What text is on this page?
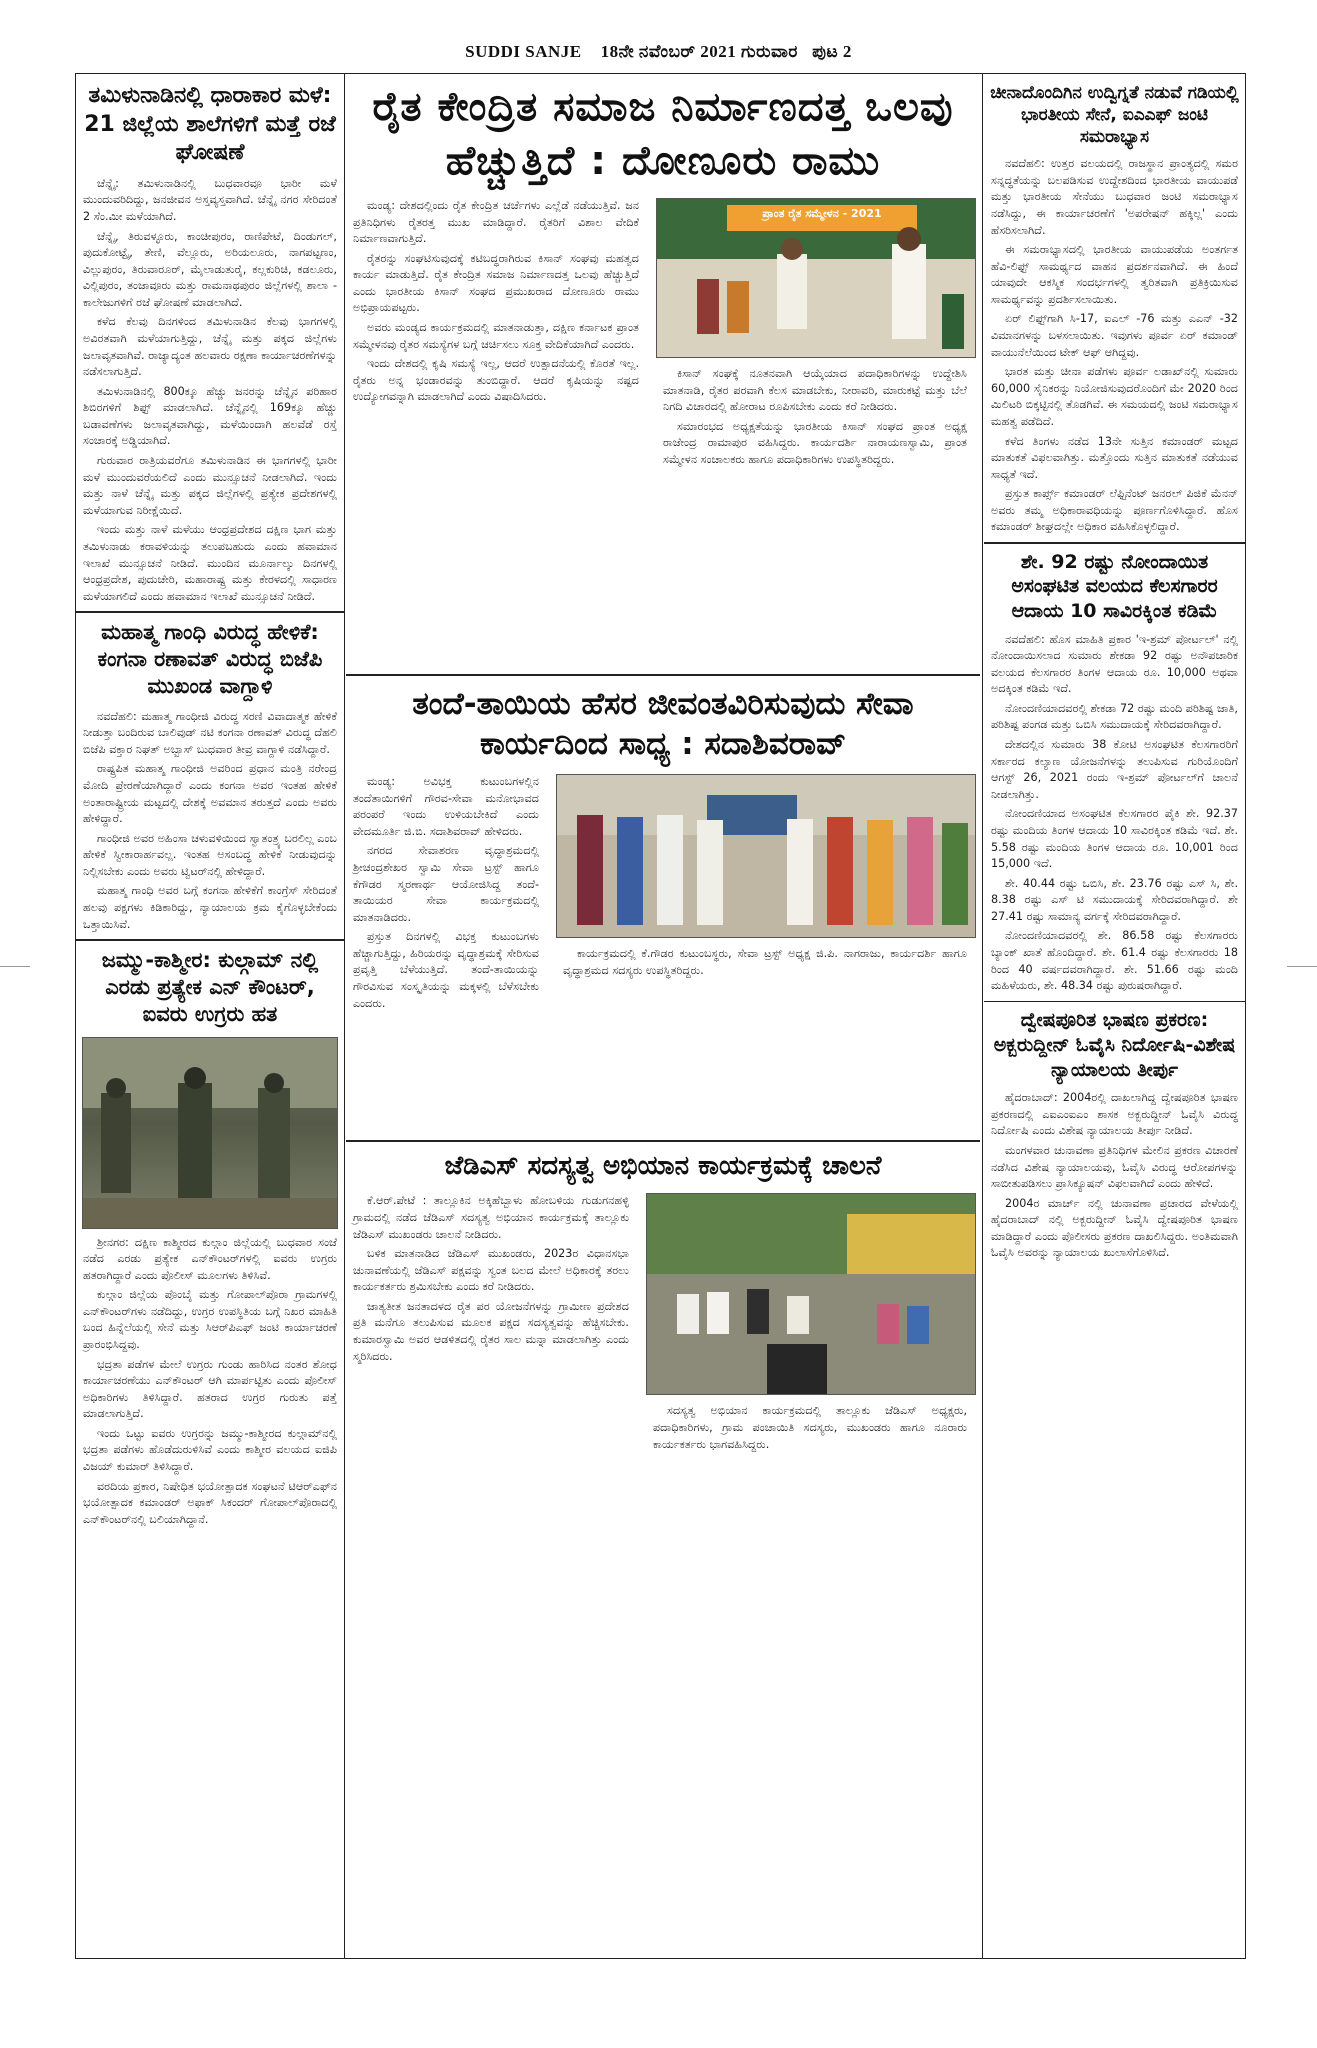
SUDDI SANJE 18ನೇ ನವೆಂಬರ್ 2021 ಗುರುವಾರ ಪುಟ 2
ತಮಿಳುನಾಡಿನಲ್ಲಿ ಧಾರಾಕಾರ ಮಳೆ: 21 ಜಿಲ್ಲೆಯ ಶಾಲೆಗಳಿಗೆ ಮತ್ತೆ ರಜೆ ಘೋಷಣೆ

ಚೆನ್ನೈ: ತಮಿಳುನಾಡಿನಲ್ಲಿ ಬುಧವಾರವೂ ಭಾರೀ ಮಳೆ ಮುಂದುವರಿದಿದ್ದು, ಜನಜೀವನ ಅಸ್ತವ್ಯಸ್ತವಾಗಿದೆ. ಚೆನ್ನೈ ನಗರ ಸೇರಿದಂತೆ 2 ಸೆಂ.ಮೀ ಮಳೆಯಾಗಿದೆ.

ಚೆನ್ನೈ, ತಿರುವಳ್ಳೂರು, ಕಾಂಚೀಪುರಂ, ರಾಣಿಪೇಟೆ, ದಿಂಡುಗಲ್, ಪುದುಕೋಟ್ಟೈ, ತೇಣಿ, ವೆಲ್ಲೂರು, ಅರಿಯಲೂರು, ನಾಗಪಟ್ಟಣಂ, ವಿಲ್ಲುಪುರಂ, ತಿರುವಾರೂರ್, ಮೈಲಾಡುತುರೈ, ಕಲ್ಲಕುರಿಚಿ, ಕಡಲೂರು, ವಿಲ್ಲಿಪುರಂ, ತಂಜಾವೂರು ಮತ್ತು ರಾಮನಾಥಪುರಂ ಜಿಲ್ಲೆಗಳಲ್ಲಿ ಶಾಲಾ - ಕಾಲೇಜುಗಳಿಗೆ ರಜೆ ಘೋಷಣೆ ಮಾಡಲಾಗಿದೆ.

ಕಳೆದ ಕೆಲವು ದಿನಗಳಿಂದ ತಮಿಳುನಾಡಿನ ಕೆಲವು ಭಾಗಗಳಲ್ಲಿ ಅವಿರತವಾಗಿ ಮಳೆಯಾಗುತ್ತಿದ್ದು, ಚೆನ್ನೈ ಮತ್ತು ಪಕ್ಕದ ಜಿಲ್ಲೆಗಳು ಜಲಾವೃತವಾಗಿವೆ. ರಾಜ್ಯಾದ್ಯಂತ ಹಲವಾರು ರಕ್ಷಣಾ ಕಾರ್ಯಾಚರಣೆಗಳನ್ನು ನಡೆಸಲಾಗುತ್ತಿದೆ.

ತಮಿಳುನಾಡಿನಲ್ಲಿ 800ಕ್ಕೂ ಹೆಚ್ಚು ಜನರನ್ನು ಚೆನ್ನೈನ ಪರಿಹಾರ ಶಿಬಿರಗಳಿಗೆ ಶಿಫ್ಟ್ ಮಾಡಲಾಗಿದೆ. ಚೆನ್ನೈನಲ್ಲಿ 169ಕ್ಕೂ ಹೆಚ್ಚು ಬಡಾವಣೆಗಳು ಜಲಾವೃತವಾಗಿದ್ದು, ಮಳೆಯಿಂದಾಗಿ ಹಲವೆಡೆ ರಸ್ತೆ ಸಂಚಾರಕ್ಕೆ ಅಡ್ಡಿಯಾಗಿದೆ.

ಗುರುವಾರ ರಾತ್ರಿಯವರೆಗೂ ತಮಿಳುನಾಡಿನ ಈ ಭಾಗಗಳಲ್ಲಿ ಭಾರೀ ಮಳೆ ಮುಂದುವರೆಯಲಿದೆ ಎಂದು ಮುನ್ಸೂಚನೆ ನೀಡಲಾಗಿದೆ. ಇಂದು ಮತ್ತು ನಾಳೆ ಚೆನ್ನೈ ಮತ್ತು ಪಕ್ಕದ ಜಿಲ್ಲೆಗಳಲ್ಲಿ ಪ್ರತ್ಯೇಕ ಪ್ರದೇಶಗಳಲ್ಲಿ ಮಳೆಯಾಗುವ ನಿರೀಕ್ಷೆಯಿದೆ.

ಇಂದು ಮತ್ತು ನಾಳೆ ಮಳೆಯು ಆಂಧ್ರಪ್ರದೇಶದ ದಕ್ಷಿಣ ಭಾಗ ಮತ್ತು ತಮಿಳುನಾಡು ಕರಾವಳಿಯನ್ನು ತಲುಪಬಹುದು ಎಂದು ಹವಾಮಾನ ಇಲಾಖೆ ಮುನ್ಸೂಚನೆ ನೀಡಿದೆ. ಮುಂದಿನ ಮೂರ್ನಾಲ್ಕು ದಿನಗಳಲ್ಲಿ ಆಂಧ್ರಪ್ರದೇಶ, ಪುದುಚೇರಿ, ಮಹಾರಾಷ್ಟ್ರ ಮತ್ತು ಕೇರಳದಲ್ಲಿ ಸಾಧಾರಣ ಮಳೆಯಾಗಲಿದೆ ಎಂದು ಹವಾಮಾನ ಇಲಾಖೆ ಮುನ್ಸೂಚನೆ ನೀಡಿದೆ.

ಮಹಾತ್ಮ ಗಾಂಧಿ ವಿರುದ್ಧ ಹೇಳಿಕೆ: ಕಂಗನಾ ರಣಾವತ್ ವಿರುದ್ಧ ಬಿಜೆಪಿ ಮುಖಂಡ ವಾಗ್ದಾಳಿ

ನವದೆಹಲಿ: ಮಹಾತ್ಮ ಗಾಂಧೀಜಿ ವಿರುದ್ಧ ಸರಣಿ ವಿವಾದಾತ್ಮಕ ಹೇಳಿಕೆ ನೀಡುತ್ತಾ ಬಂದಿರುವ ಬಾಲಿವುಡ್ ನಟಿ ಕಂಗನಾ ರಣಾವತ್ ವಿರುದ್ಧ ದೆಹಲಿ ಬಿಜೆಪಿ ವಕ್ತಾರ ನಿಘತ್ ಅಬ್ಬಾಸ್ ಬುಧವಾರ ತೀವ್ರ ವಾಗ್ದಾಳಿ ನಡೆಸಿದ್ದಾರೆ.

ರಾಷ್ಟ್ರಪಿತ ಮಹಾತ್ಮ ಗಾಂಧೀಜಿ ಅವರಿಂದ ಪ್ರಧಾನ ಮಂತ್ರಿ ನರೇಂದ್ರ ಮೋದಿ ಪ್ರೇರಣೆಯಾಗಿದ್ದಾರೆ ಎಂದು ಕಂಗನಾ ಅವರ ಇಂತಹ ಹೇಳಿಕೆ ಅಂತಾರಾಷ್ಟ್ರೀಯ ಮಟ್ಟದಲ್ಲಿ ದೇಶಕ್ಕೆ ಅವಮಾನ ತರುತ್ತದೆ ಎಂದು ಅವರು ಹೇಳಿದ್ದಾರೆ.

ಗಾಂಧೀಜಿ ಅವರ ಅಹಿಂಸಾ ಚಳುವಳಿಯಿಂದ ಸ್ವಾತಂತ್ರ್ಯ ಬರಲಿಲ್ಲ ಎಂಬ ಹೇಳಿಕೆ ಸ್ವೀಕಾರಾರ್ಹವಲ್ಲ. ಇಂತಹ ಅಸಂಬದ್ಧ ಹೇಳಿಕೆ ನೀಡುವುದನ್ನು ನಿಲ್ಲಿಸಬೇಕು ಎಂದು ಅವರು ಟ್ವಿಟರ್‌ನಲ್ಲಿ ಹೇಳಿದ್ದಾರೆ.

ಮಹಾತ್ಮ ಗಾಂಧಿ ಅವರ ಬಗ್ಗೆ ಕಂಗನಾ ಹೇಳಿಕೆಗೆ ಕಾಂಗ್ರೆಸ್ ಸೇರಿದಂತೆ ಹಲವು ಪಕ್ಷಗಳು ಕಿಡಿಕಾರಿದ್ದು, ನ್ಯಾಯಾಲಯ ಕ್ರಮ ಕೈಗೊಳ್ಳಬೇಕೆಂದು ಒತ್ತಾಯಿಸಿವೆ.

ಜಮ್ಮು-ಕಾಶ್ಮೀರ: ಕುಲ್ಗಾಮ್ ನಲ್ಲಿ ಎರಡು ಪ್ರತ್ಯೇಕ ಎನ್ ಕೌಂಟರ್, ಐವರು ಉಗ್ರರು ಹತ

ಶ್ರೀನಗರ: ದಕ್ಷಿಣ ಕಾಶ್ಮೀರದ ಕುಲ್ಗಾಂ ಜಿಲ್ಲೆಯಲ್ಲಿ ಬುಧವಾರ ಸಂಜೆ ನಡೆದ ಎರಡು ಪ್ರತ್ಯೇಕ ಎನ್‌ಕೌಂಟರ್‌ಗಳಲ್ಲಿ ಐವರು ಉಗ್ರರು ಹತರಾಗಿದ್ದಾರೆ ಎಂದು ಪೊಲೀಸ್ ಮೂಲಗಳು ತಿಳಿಸಿವೆ.

ಕುಲ್ಗಾಂ ಜಿಲ್ಲೆಯ ಪೊಂಬೈ ಮತ್ತು ಗೋಪಾಲ್‌ಪೊರಾ ಗ್ರಾಮಗಳಲ್ಲಿ ಎನ್‌ಕೌಂಟರ್‌ಗಳು ನಡೆದಿದ್ದು, ಉಗ್ರರ ಉಪಸ್ಥಿತಿಯ ಬಗ್ಗೆ ನಿಖರ ಮಾಹಿತಿ ಬಂದ ಹಿನ್ನೆಲೆಯಲ್ಲಿ ಸೇನೆ ಮತ್ತು ಸಿಆರ್‌ಪಿಎಫ್ ಜಂಟಿ ಕಾರ್ಯಾಚರಣೆ ಪ್ರಾರಂಭಿಸಿದ್ದವು.

ಭದ್ರತಾ ಪಡೆಗಳ ಮೇಲೆ ಉಗ್ರರು ಗುಂಡು ಹಾರಿಸಿದ ನಂತರ ಶೋಧ ಕಾರ್ಯಾಚರಣೆಯು ಎನ್‌ಕೌಂಟರ್ ಆಗಿ ಮಾರ್ಪಟ್ಟಿತು ಎಂದು ಪೊಲೀಸ್ ಅಧಿಕಾರಿಗಳು ತಿಳಿಸಿದ್ದಾರೆ. ಹತರಾದ ಉಗ್ರರ ಗುರುತು ಪತ್ತೆ ಮಾಡಲಾಗುತ್ತಿದೆ.

ಇಂದು ಒಟ್ಟು ಐವರು ಉಗ್ರರನ್ನು ಜಮ್ಮು-ಕಾಶ್ಮೀರದ ಕುಲ್ಗಾಮ್‌ನಲ್ಲಿ ಭದ್ರತಾ ಪಡೆಗಳು ಹೊಡೆದುರುಳಿಸಿವೆ ಎಂದು ಕಾಶ್ಮೀರ ವಲಯದ ಐಜಿಪಿ ವಿಜಯ್ ಕುಮಾರ್ ತಿಳಿಸಿದ್ದಾರೆ.

ವರದಿಯ ಪ್ರಕಾರ, ನಿಷೇಧಿತ ಭಯೋತ್ಪಾದಕ ಸಂಘಟನೆ ಟಿಆರ್‌ಎಫ್‌ನ ಭಯೋತ್ಪಾದಕ ಕಮಾಂಡರ್ ಅಫಾಕ್ ಸಿಕಂದರ್ ಗೋಪಾಲ್‌ಪೊರಾದಲ್ಲಿ ಎನ್‌ಕೌಂಟರ್‌ನಲ್ಲಿ ಬಲಿಯಾಗಿದ್ದಾನೆ.

ರೈತ ಕೇಂದ್ರಿತ ಸಮಾಜ ನಿರ್ಮಾಣದತ್ತ ಒಲವು ಹೆಚ್ಚುತ್ತಿದೆ : ದೋಣೂರು ರಾಮು

ಮಂಡ್ಯ: ದೇಶದಲ್ಲಿಂದು ರೈತ ಕೇಂದ್ರಿತ ಚರ್ಚೆಗಳು ಎಲ್ಲೆಡೆ ನಡೆಯುತ್ತಿವೆ. ಜನ ಪ್ರತಿನಿಧಿಗಳು ರೈತರತ್ತ ಮುಖ ಮಾಡಿದ್ದಾರೆ. ರೈತರಿಗೆ ವಿಶಾಲ ವೇದಿಕೆ ನಿರ್ಮಾಣವಾಗುತ್ತಿದೆ.

ರೈತರನ್ನು ಸಂಘಟಿಸುವುದಕ್ಕೆ ಕಟಿಬದ್ಧರಾಗಿರುವ ಕಿಸಾನ್ ಸಂಘವು ಮಹತ್ವದ ಕಾರ್ಯ ಮಾಡುತ್ತಿದೆ. ರೈತ ಕೇಂದ್ರಿತ ಸಮಾಜ ನಿರ್ಮಾಣದತ್ತ ಒಲವು ಹೆಚ್ಚುತ್ತಿದೆ ಎಂದು ಭಾರತೀಯ ಕಿಸಾನ್ ಸಂಘದ ಪ್ರಮುಖರಾದ ದೋಣೂರು ರಾಮು ಅಭಿಪ್ರಾಯಪಟ್ಟರು.

ಅವರು ಮಂಡ್ಯದ ಕಾರ್ಯಕ್ರಮದಲ್ಲಿ ಮಾತನಾಡುತ್ತಾ, ದಕ್ಷಿಣ ಕರ್ನಾಟಕ ಪ್ರಾಂತ ಸಮ್ಮೇಳನವು ರೈತರ ಸಮಸ್ಯೆಗಳ ಬಗ್ಗೆ ಚರ್ಚಿಸಲು ಸೂಕ್ತ ವೇದಿಕೆಯಾಗಿದೆ ಎಂದರು.

ಇಂದು ದೇಶದಲ್ಲಿ ಕೃಷಿ ಸಮಸ್ಯೆ ಇಲ್ಲ, ಆದರೆ ಉತ್ಪಾದನೆಯಲ್ಲಿ ಕೊರತೆ ಇಲ್ಲ. ರೈತರು ಅನ್ನ ಭಂಡಾರವನ್ನು ತುಂಬಿದ್ದಾರೆ. ಆದರೆ ಕೃಷಿಯನ್ನು ನಷ್ಟದ ಉದ್ಯೋಗವನ್ನಾಗಿ ಮಾಡಲಾಗಿದೆ ಎಂದು ವಿಷಾದಿಸಿದರು.

ಪ್ರಾಂತ ರೈತ ಸಮ್ಮೇಳನ - 2021

ಕಿಸಾನ್ ಸಂಘಕ್ಕೆ ನೂತನವಾಗಿ ಆಯ್ಕೆಯಾದ ಪದಾಧಿಕಾರಿಗಳನ್ನು ಉದ್ದೇಶಿಸಿ ಮಾತನಾಡಿ, ರೈತರ ಪರವಾಗಿ ಕೆಲಸ ಮಾಡಬೇಕು, ನೀರಾವರಿ, ಮಾರುಕಟ್ಟೆ ಮತ್ತು ಬೆಲೆ ನಿಗದಿ ವಿಚಾರದಲ್ಲಿ ಹೋರಾಟ ರೂಪಿಸಬೇಕು ಎಂದು ಕರೆ ನೀಡಿದರು.

ಸಮಾರಂಭದ ಅಧ್ಯಕ್ಷತೆಯನ್ನು ಭಾರತೀಯ ಕಿಸಾನ್ ಸಂಘದ ಪ್ರಾಂತ ಅಧ್ಯಕ್ಷ ರಾಜೇಂದ್ರ ರಾಮಾಪುರ ವಹಿಸಿದ್ದರು. ಕಾರ್ಯದರ್ಶಿ ನಾರಾಯಣಸ್ವಾಮಿ, ಪ್ರಾಂತ ಸಮ್ಮೇಳನ ಸಂಚಾಲಕರು ಹಾಗೂ ಪದಾಧಿಕಾರಿಗಳು ಉಪಸ್ಥಿತರಿದ್ದರು.

ತಂದೆ-ತಾಯಿಯ ಹೆಸರ ಜೀವಂತವಿರಿಸುವುದು ಸೇವಾ ಕಾರ್ಯದಿಂದ ಸಾಧ್ಯ : ಸದಾಶಿವರಾವ್

ಮಂಡ್ಯ: ಅವಿಭಕ್ತ ಕುಟುಂಬಗಳಲ್ಲಿನ ತಂದೆತಾಯಿಗಳಿಗೆ ಗೌರವ-ಸೇವಾ ಮನೋಭಾವದ ಪರಂಪರೆ ಇಂದು ಉಳಿಯಬೇಕಿದೆ ಎಂದು ವೇದಮೂರ್ತಿ ಜಿ.ಬಿ. ಸದಾಶಿವರಾವ್ ಹೇಳಿದರು.

ನಗರದ ಸೇವಾಶರಣ ವೃದ್ಧಾಶ್ರಮದಲ್ಲಿ ಶ್ರೀಚಂದ್ರಶೇಖರ ಸ್ವಾಮಿ ಸೇವಾ ಟ್ರಸ್ಟ್ ಹಾಗೂ ಕೆಗೌಡರ ಸ್ಮರಣಾರ್ಥ ಆಯೋಜಿಸಿದ್ದ ತಂದೆ-ತಾಯಿಯರ ಸೇವಾ ಕಾರ್ಯಕ್ರಮದಲ್ಲಿ ಮಾತನಾಡಿದರು.

ಪ್ರಸ್ತುತ ದಿನಗಳಲ್ಲಿ ವಿಭಕ್ತ ಕುಟುಂಬಗಳು ಹೆಚ್ಚಾಗುತ್ತಿದ್ದು, ಹಿರಿಯರನ್ನು ವೃದ್ಧಾಶ್ರಮಕ್ಕೆ ಸೇರಿಸುವ ಪ್ರವೃತ್ತಿ ಬೆಳೆಯುತ್ತಿದೆ. ತಂದೆ-ತಾಯಿಯನ್ನು ಗೌರವಿಸುವ ಸಂಸ್ಕೃತಿಯನ್ನು ಮಕ್ಕಳಲ್ಲಿ ಬೆಳೆಸಬೇಕು ಎಂದರು.

ಕಾರ್ಯಕ್ರಮದಲ್ಲಿ ಕೆ.ಗೌಡರ ಕುಟುಂಬಸ್ಥರು, ಸೇವಾ ಟ್ರಸ್ಟ್ ಅಧ್ಯಕ್ಷ ಜಿ.ಪಿ. ನಾಗರಾಜು, ಕಾರ್ಯದರ್ಶಿ ಹಾಗೂ ವೃದ್ಧಾಶ್ರಮದ ಸದಸ್ಯರು ಉಪಸ್ಥಿತರಿದ್ದರು.

ಜೆಡಿಎಸ್ ಸದಸ್ಯತ್ವ ಅಭಿಯಾನ ಕಾರ್ಯಕ್ರಮಕ್ಕೆ ಚಾಲನೆ

ಕೆ.ಆರ್.ಪೇಟೆ : ತಾಲ್ಲೂಕಿನ ಅಕ್ಕಿಹೆಬ್ಬಾಳು ಹೋಬಳಿಯ ಗುಡುಗನಹಳ್ಳಿ ಗ್ರಾಮದಲ್ಲಿ ನಡೆದ ಜೆಡಿಎಸ್ ಸದಸ್ಯತ್ವ ಅಭಿಯಾನ ಕಾರ್ಯಕ್ರಮಕ್ಕೆ ತಾಲ್ಲೂಕು ಜೆಡಿಎಸ್ ಮುಖಂಡರು ಚಾಲನೆ ನೀಡಿದರು.

ಬಳಿಕ ಮಾತನಾಡಿದ ಜೆಡಿಎಸ್ ಮುಖಂಡರು, 2023ರ ವಿಧಾನಸಭಾ ಚುನಾವಣೆಯಲ್ಲಿ ಜೆಡಿಎಸ್ ಪಕ್ಷವನ್ನು ಸ್ವಂತ ಬಲದ ಮೇಲೆ ಅಧಿಕಾರಕ್ಕೆ ತರಲು ಕಾರ್ಯಕರ್ತರು ಶ್ರಮಿಸಬೇಕು ಎಂದು ಕರೆ ನೀಡಿದರು.

ಜಾತ್ಯತೀತ ಜನತಾದಳದ ರೈತ ಪರ ಯೋಜನೆಗಳನ್ನು ಗ್ರಾಮೀಣ ಪ್ರದೇಶದ ಪ್ರತಿ ಮನೆಗೂ ತಲುಪಿಸುವ ಮೂಲಕ ಪಕ್ಷದ ಸದಸ್ಯತ್ವವನ್ನು ಹೆಚ್ಚಿಸಬೇಕು. ಕುಮಾರಸ್ವಾಮಿ ಅವರ ಆಡಳಿತದಲ್ಲಿ ರೈತರ ಸಾಲ ಮನ್ನಾ ಮಾಡಲಾಗಿತ್ತು ಎಂದು ಸ್ಮರಿಸಿದರು.

ಸದಸ್ಯತ್ವ ಅಭಿಯಾನ ಕಾರ್ಯಕ್ರಮದಲ್ಲಿ ತಾಲ್ಲೂಕು ಜೆಡಿಎಸ್ ಅಧ್ಯಕ್ಷರು, ಪದಾಧಿಕಾರಿಗಳು, ಗ್ರಾಮ ಪಂಚಾಯಿತಿ ಸದಸ್ಯರು, ಮುಖಂಡರು ಹಾಗೂ ನೂರಾರು ಕಾರ್ಯಕರ್ತರು ಭಾಗವಹಿಸಿದ್ದರು.

ಚೀನಾದೊಂದಿಗಿನ ಉದ್ವಿಗ್ನತೆ ನಡುವೆ ಗಡಿಯಲ್ಲಿ ಭಾರತೀಯ ಸೇನೆ, ಐಎಎಫ್ ಜಂಟಿ ಸಮರಾಭ್ಯಾಸ

ನವದೆಹಲಿ: ಉತ್ತರ ವಲಯದಲ್ಲಿ ರಾಜಸ್ಥಾನ ಪ್ರಾಂತ್ಯದಲ್ಲಿ ಸಮರ ಸನ್ನದ್ಧತೆಯನ್ನು ಬಲಪಡಿಸುವ ಉದ್ದೇಶದಿಂದ ಭಾರತೀಯ ವಾಯುಪಡೆ ಮತ್ತು ಭಾರತೀಯ ಸೇನೆಯು ಬುಧವಾರ ಜಂಟಿ ಸಮರಾಭ್ಯಾಸ ನಡೆಸಿದ್ದು, ಈ ಕಾರ್ಯಾಚರಣೆಗೆ 'ಅಪರೇಷನ್ ಹಕ್ಕಿಲ್ಲ' ಎಂದು ಹೆಸರಿಸಲಾಗಿದೆ.

ಈ ಸಮರಾಭ್ಯಾಸದಲ್ಲಿ ಭಾರತೀಯ ವಾಯುಪಡೆಯ ಅಂತರ್ಗತ ಹೆವಿ-ಲಿಫ್ಟ್ ಸಾಮರ್ಥ್ಯದ ವಾಹನ ಪ್ರದರ್ಶನವಾಗಿದೆ. ಈ ಹಿಂದೆ ಯಾವುದೇ ಆಕಸ್ಮಿಕ ಸಂದರ್ಭಗಳಲ್ಲಿ ತ್ವರಿತವಾಗಿ ಪ್ರತಿಕ್ರಿಯಿಸುವ ಸಾಮರ್ಥ್ಯವನ್ನು ಪ್ರದರ್ಶಿಸಲಾಯಿತು.

ಏರ್ ಲಿಫ್ಟ್‌ಗಾಗಿ ಸಿ-17, ಐಎಲ್ -76 ಮತ್ತು ಎಎನ್ -32 ವಿಮಾನಗಳನ್ನು ಬಳಸಲಾಯಿತು. ಇವುಗಳು ಪೂರ್ವ ಏರ್ ಕಮಾಂಡ್ ವಾಯುನೆಲೆಯಿಂದ ಟೇಕ್ ಆಫ್ ಆಗಿದ್ದವು.

ಭಾರತ ಮತ್ತು ಚೀನಾ ಪಡೆಗಳು ಪೂರ್ವ ಲಡಾಖ್‌ನಲ್ಲಿ ಸುಮಾರು 60,000 ಸೈನಿಕರನ್ನು ನಿಯೋಜಿಸುವುದರೊಂದಿಗೆ ಮೇ 2020 ರಿಂದ ಮಿಲಿಟರಿ ಬಿಕ್ಕಟ್ಟಿನಲ್ಲಿ ತೊಡಗಿವೆ. ಈ ಸಮಯದಲ್ಲಿ ಜಂಟಿ ಸಮರಾಭ್ಯಾಸ ಮಹತ್ವ ಪಡೆದಿದೆ.

ಕಳೆದ ತಿಂಗಳು ನಡೆದ 13ನೇ ಸುತ್ತಿನ ಕಮಾಂಡರ್ ಮಟ್ಟದ ಮಾತುಕತೆ ವಿಫಲವಾಗಿತ್ತು. ಮತ್ತೊಂದು ಸುತ್ತಿನ ಮಾತುಕತೆ ನಡೆಯುವ ಸಾಧ್ಯತೆ ಇದೆ.

ಪ್ರಸ್ತುತ ಕಾರ್ಪ್ಸ್ ಕಮಾಂಡರ್ ಲೆಫ್ಟಿನೆಂಟ್ ಜನರಲ್ ಪಿಜಿಕೆ ಮೆನನ್ ಅವರು ತಮ್ಮ ಅಧಿಕಾರಾವಧಿಯನ್ನು ಪೂರ್ಣಗೊಳಿಸಿದ್ದಾರೆ. ಹೊಸ ಕಮಾಂಡರ್ ಶೀಘ್ರದಲ್ಲೇ ಅಧಿಕಾರ ವಹಿಸಿಕೊಳ್ಳಲಿದ್ದಾರೆ.

ಶೇ. 92 ರಷ್ಟು ನೋಂದಾಯಿತ ಅಸಂಘಟಿತ ವಲಯದ ಕೆಲಸಗಾರರ ಆದಾಯ 10 ಸಾವಿರಕ್ಕಿಂತ ಕಡಿಮೆ

ನವದೆಹಲಿ: ಹೊಸ ಮಾಹಿತಿ ಪ್ರಕಾರ 'ಇ-ಶ್ರಮ್ ಪೋರ್ಟಲ್' ನಲ್ಲಿ ನೋಂದಾಯಿಸಲಾದ ಸುಮಾರು ಶೇಕಡಾ 92 ರಷ್ಟು ಅನೌಪಚಾರಿಕ ವಲಯದ ಕೆಲಸಗಾರರ ತಿಂಗಳ ಆದಾಯ ರೂ. 10,000 ಅಥವಾ ಅದಕ್ಕಿಂತ ಕಡಿಮೆ ಇದೆ.

ನೋಂದಣಿಯಾದವರಲ್ಲಿ ಶೇಕಡಾ 72 ರಷ್ಟು ಮಂದಿ ಪರಿಶಿಷ್ಟ ಜಾತಿ, ಪರಿಶಿಷ್ಟ ಪಂಗಡ ಮತ್ತು ಒಬಿಸಿ ಸಮುದಾಯಕ್ಕೆ ಸೇರಿದವರಾಗಿದ್ದಾರೆ.

ದೇಶದಲ್ಲಿನ ಸುಮಾರು 38 ಕೋಟಿ ಅಸಂಘಟಿತ ಕೆಲಸಗಾರರಿಗೆ ಸರ್ಕಾರದ ಕಲ್ಯಾಣ ಯೋಜನೆಗಳನ್ನು ತಲುಪಿಸುವ ಗುರಿಯೊಂದಿಗೆ ಆಗಸ್ಟ್ 26, 2021 ರಂದು ಇ-ಶ್ರಮ್ ಪೋರ್ಟಲ್‌ಗೆ ಚಾಲನೆ ನೀಡಲಾಗಿತ್ತು.

ನೋಂದಣಿಯಾದ ಅಸಂಘಟಿತ ಕೆಲಸಗಾರರ ಪೈಕಿ ಶೇ. 92.37 ರಷ್ಟು ಮಂದಿಯ ತಿಂಗಳ ಆದಾಯ 10 ಸಾವಿರಕ್ಕಿಂತ ಕಡಿಮೆ ಇದೆ. ಶೇ. 5.58 ರಷ್ಟು ಮಂದಿಯ ತಿಂಗಳ ಆದಾಯ ರೂ. 10,001 ರಿಂದ 15,000 ಇದೆ.

ಶೇ. 40.44 ರಷ್ಟು ಒಬಿಸಿ, ಶೇ. 23.76 ರಷ್ಟು ಎಸ್ ಸಿ, ಶೇ. 8.38 ರಷ್ಟು ಎಸ್ ಟಿ ಸಮುದಾಯಕ್ಕೆ ಸೇರಿದವರಾಗಿದ್ದಾರೆ. ಶೇ 27.41 ರಷ್ಟು ಸಾಮಾನ್ಯ ವರ್ಗಕ್ಕೆ ಸೇರಿದವರಾಗಿದ್ದಾರೆ.

ನೋಂದಣಿಯಾದವರಲ್ಲಿ ಶೇ. 86.58 ರಷ್ಟು ಕೆಲಸಗಾರರು ಬ್ಯಾಂಕ್ ಖಾತೆ ಹೊಂದಿದ್ದಾರೆ. ಶೇ. 61.4 ರಷ್ಟು ಕೆಲಸಗಾರರು 18 ರಿಂದ 40 ವರ್ಷದವರಾಗಿದ್ದಾರೆ. ಶೇ. 51.66 ರಷ್ಟು ಮಂದಿ ಮಹಿಳೆಯರು, ಶೇ. 48.34 ರಷ್ಟು ಪುರುಷರಾಗಿದ್ದಾರೆ.

ದ್ವೇಷಪೂರಿತ ಭಾಷಣ ಪ್ರಕರಣ: ಅಕ್ಬರುದ್ದೀನ್ ಓವೈಸಿ ನಿರ್ದೋಷಿ-ವಿಶೇಷ ನ್ಯಾಯಾಲಯ ತೀರ್ಪು

ಹೈದರಾಬಾದ್: 2004ರಲ್ಲಿ ದಾಖಲಾಗಿದ್ದ ದ್ವೇಷಪೂರಿತ ಭಾಷಣ ಪ್ರಕರಣದಲ್ಲಿ ಎಐಎಂಐಎಂ ಶಾಸಕ ಅಕ್ಬರುದ್ದೀನ್ ಓವೈಸಿ ವಿರುದ್ಧ ನಿರ್ದೋಷಿ ಎಂದು ವಿಶೇಷ ನ್ಯಾಯಾಲಯ ತೀರ್ಪು ನೀಡಿದೆ.

ಮಂಗಳವಾರ ಚುನಾವಣಾ ಪ್ರತಿನಿಧಿಗಳ ಮೇಲಿನ ಪ್ರಕರಣ ವಿಚಾರಣೆ ನಡೆಸಿದ ವಿಶೇಷ ನ್ಯಾಯಾಲಯವು, ಓವೈಸಿ ವಿರುದ್ಧ ಆರೋಪಗಳನ್ನು ಸಾಬೀತುಪಡಿಸಲು ಪ್ರಾಸಿಕ್ಯೂಷನ್ ವಿಫಲವಾಗಿದೆ ಎಂದು ಹೇಳಿದೆ.

2004ರ ಮಾರ್ಚ್ ನಲ್ಲಿ ಚುನಾವಣಾ ಪ್ರಚಾರದ ವೇಳೆಯಲ್ಲಿ ಹೈದರಾಬಾದ್ ನಲ್ಲಿ ಅಕ್ಬರುದ್ದೀನ್ ಓವೈಸಿ ದ್ವೇಷಪೂರಿತ ಭಾಷಣ ಮಾಡಿದ್ದಾರೆ ಎಂದು ಪೊಲೀಸರು ಪ್ರಕರಣ ದಾಖಲಿಸಿದ್ದರು. ಅಂತಿಮವಾಗಿ ಓವೈಸಿ ಅವರನ್ನು ನ್ಯಾಯಾಲಯ ಖುಲಾಸೆಗೊಳಿಸಿದೆ.
